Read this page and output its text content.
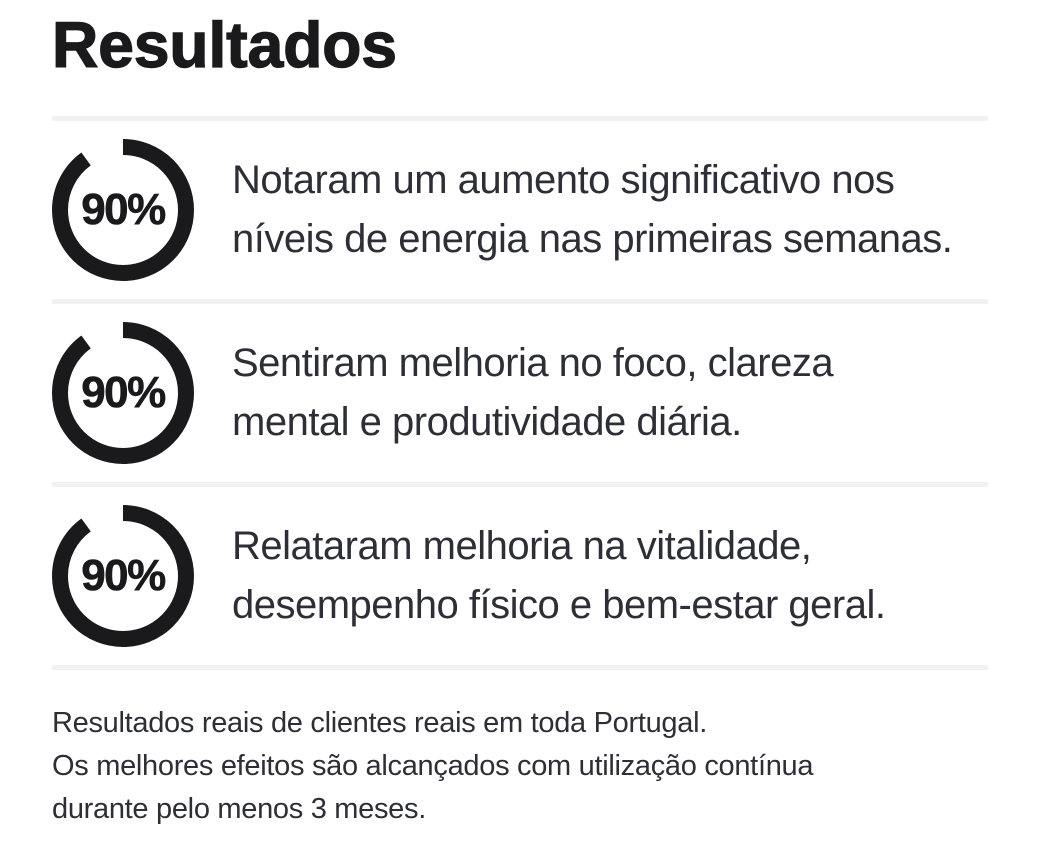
Resultados
90%
Notaram um aumento significativo nos
níveis de energia nas primeiras semanas.
90%
Sentiram melhoria no foco, clareza
mental e produtividade diária.
90%
Relataram melhoria na vitalidade,
desempenho físico e bem-estar geral.
Resultados reais de clientes reais em toda Portugal.
Os melhores efeitos são alcançados com utilização contínua
durante pelo menos 3 meses.
